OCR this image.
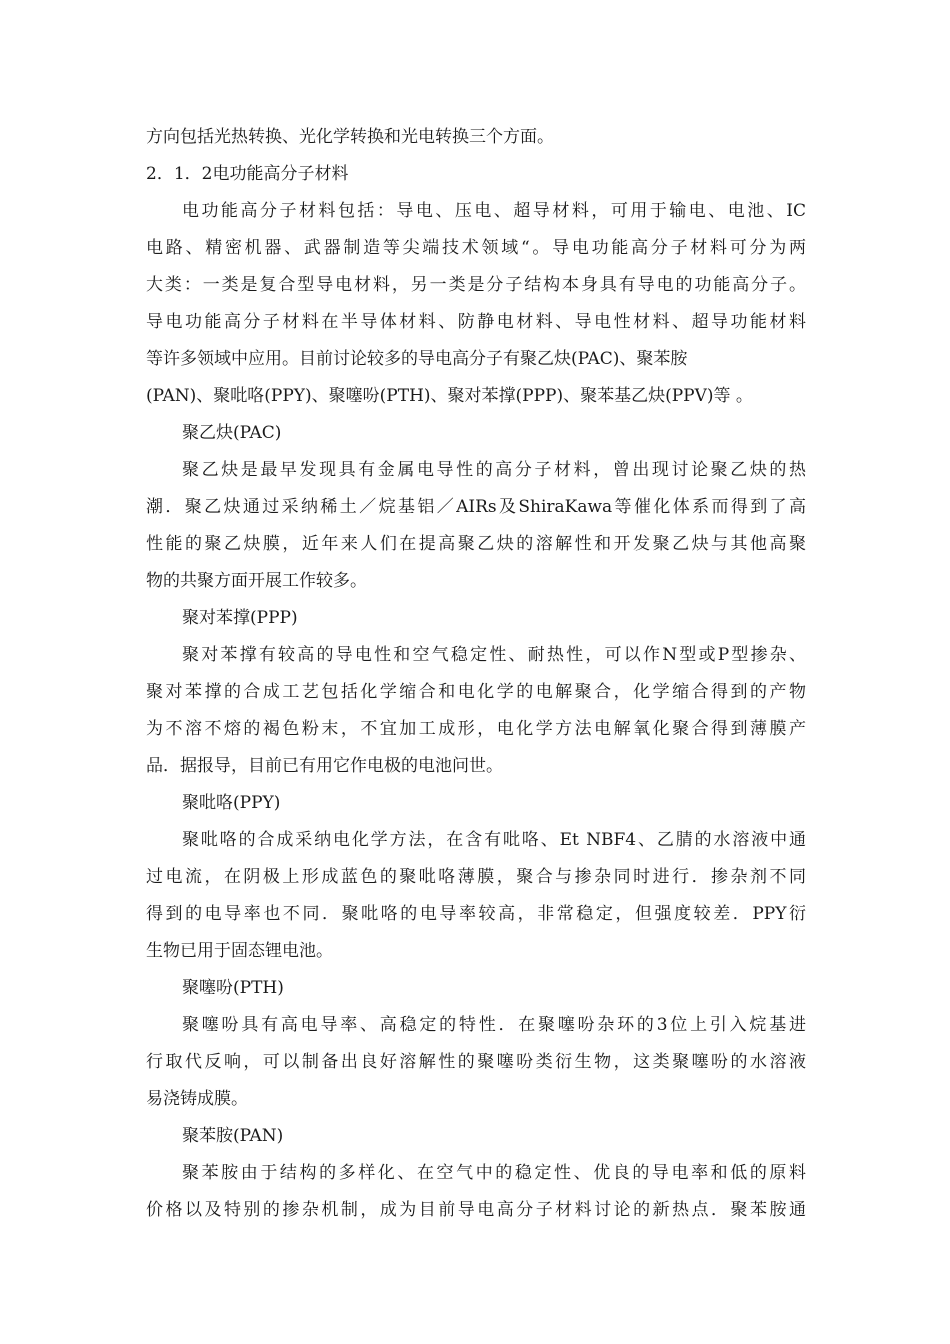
方向包括光热转换、光化学转换和光电转换三个方面。
2．1．2电功能高分子材料
电功能高分子材料包括：导电、压电、超导材料，可用于输电、电池、IC
电路、精密机器、武器制造等尖端技术领域“。导电功能高分子材料可分为两
大类：一类是复合型导电材料，另一类是分子结构本身具有导电的功能高分子。
导电功能高分子材料在半导体材料、防静电材料、导电性材料、超导功能材料
等许多领域中应用。目前讨论较多的导电高分子有聚乙炔(PAC)、聚苯胺
(PAN)、聚吡咯(PPY)、聚噻吩(PTH)、聚对苯撑(PPP)、聚苯基乙炔(PPV)等 。
聚乙炔(PAC)
聚乙炔是最早发现具有金属电导性的高分子材料，曾出现讨论聚乙炔的热
潮．聚乙炔通过采纳稀土／烷基铝／AIRs及ShiraKawa等催化体系而得到了高
性能的聚乙炔膜，近年来人们在提高聚乙炔的溶解性和开发聚乙炔与其他高聚
物的共聚方面开展工作较多。
聚对苯撑(PPP)
聚对苯撑有较高的导电性和空气稳定性、耐热性，可以作N型或P型掺杂、
聚对苯撑的合成工艺包括化学缩合和电化学的电解聚合，化学缩合得到的产物
为不溶不熔的褐色粉末，不宜加工成形，电化学方法电解氧化聚合得到薄膜产
品．据报导，目前已有用它作电极的电池问世。
聚吡咯(PPY)
聚吡咯的合成采纳电化学方法，在含有吡咯、Et NBF4、乙腈的水溶液中通
过电流，在阴极上形成蓝色的聚吡咯薄膜，聚合与掺杂同时进行．掺杂剂不同
得到的电导率也不同．聚吡咯的电导率较高，非常稳定，但强度较差．PPY衍
生物已用于固态锂电池。
聚噻吩(PTH)
聚噻吩具有高电导率、高稳定的特性．在聚噻吩杂环的3位上引入烷基进
行取代反响，可以制备出良好溶解性的聚噻吩类衍生物，这类聚噻吩的水溶液
易浇铸成膜。
聚苯胺(PAN)
聚苯胺由于结构的多样化、在空气中的稳定性、优良的导电率和低的原料
价格以及特别的掺杂机制，成为目前导电高分子材料讨论的新热点．聚苯胺通
